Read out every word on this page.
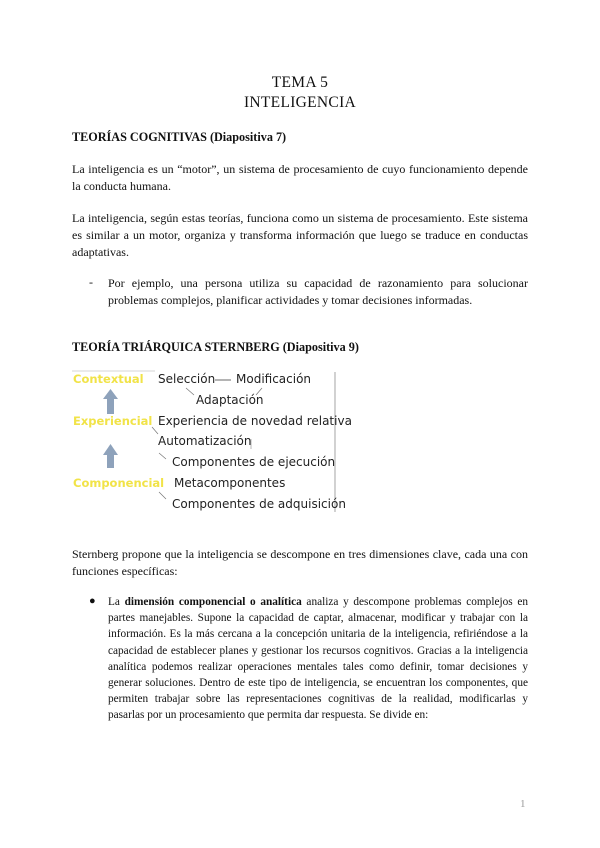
TEMA 5
INTELIGENCIA
TEORÍAS COGNITIVAS (Diapositiva 7)
La inteligencia es un “motor”, un sistema de procesamiento de cuyo funcionamiento depende la conducta humana.
La inteligencia, según estas teorías, funciona como un sistema de procesamiento. Este sistema es similar a un motor, organiza y transforma información que luego se traduce en conductas adaptativas.
- Por ejemplo, una persona utiliza su capacidad de razonamiento para solucionar problemas complejos, planificar actividades y tomar decisiones informadas.
TEORÍA TRIÁRQUICA STERNBERG (Diapositiva 9)
Contextual Selección Modificación
Adaptación
Experiencial Experiencia de novedad relativa
Automatización
Componentes de ejecución
Componencial Metacomponentes
Componentes de adquisición
Sternberg propone que la inteligencia se descompone en tres dimensiones clave, cada una con funciones específicas:
● La dimensión componencial o analítica analiza y descompone problemas complejos en partes manejables. Supone la capacidad de captar, almacenar, modificar y trabajar con la información. Es la más cercana a la concepción unitaria de la inteligencia, refiriéndose a la capacidad de establecer planes y gestionar los recursos cognitivos. Gracias a la inteligencia analítica podemos realizar operaciones mentales tales como definir, tomar decisiones y generar soluciones. Dentro de este tipo de inteligencia, se encuentran los componentes, que permiten trabajar sobre las representaciones cognitivas de la realidad, modificarlas y pasarlas por un procesamiento que permita dar respuesta. Se divide en:
1
